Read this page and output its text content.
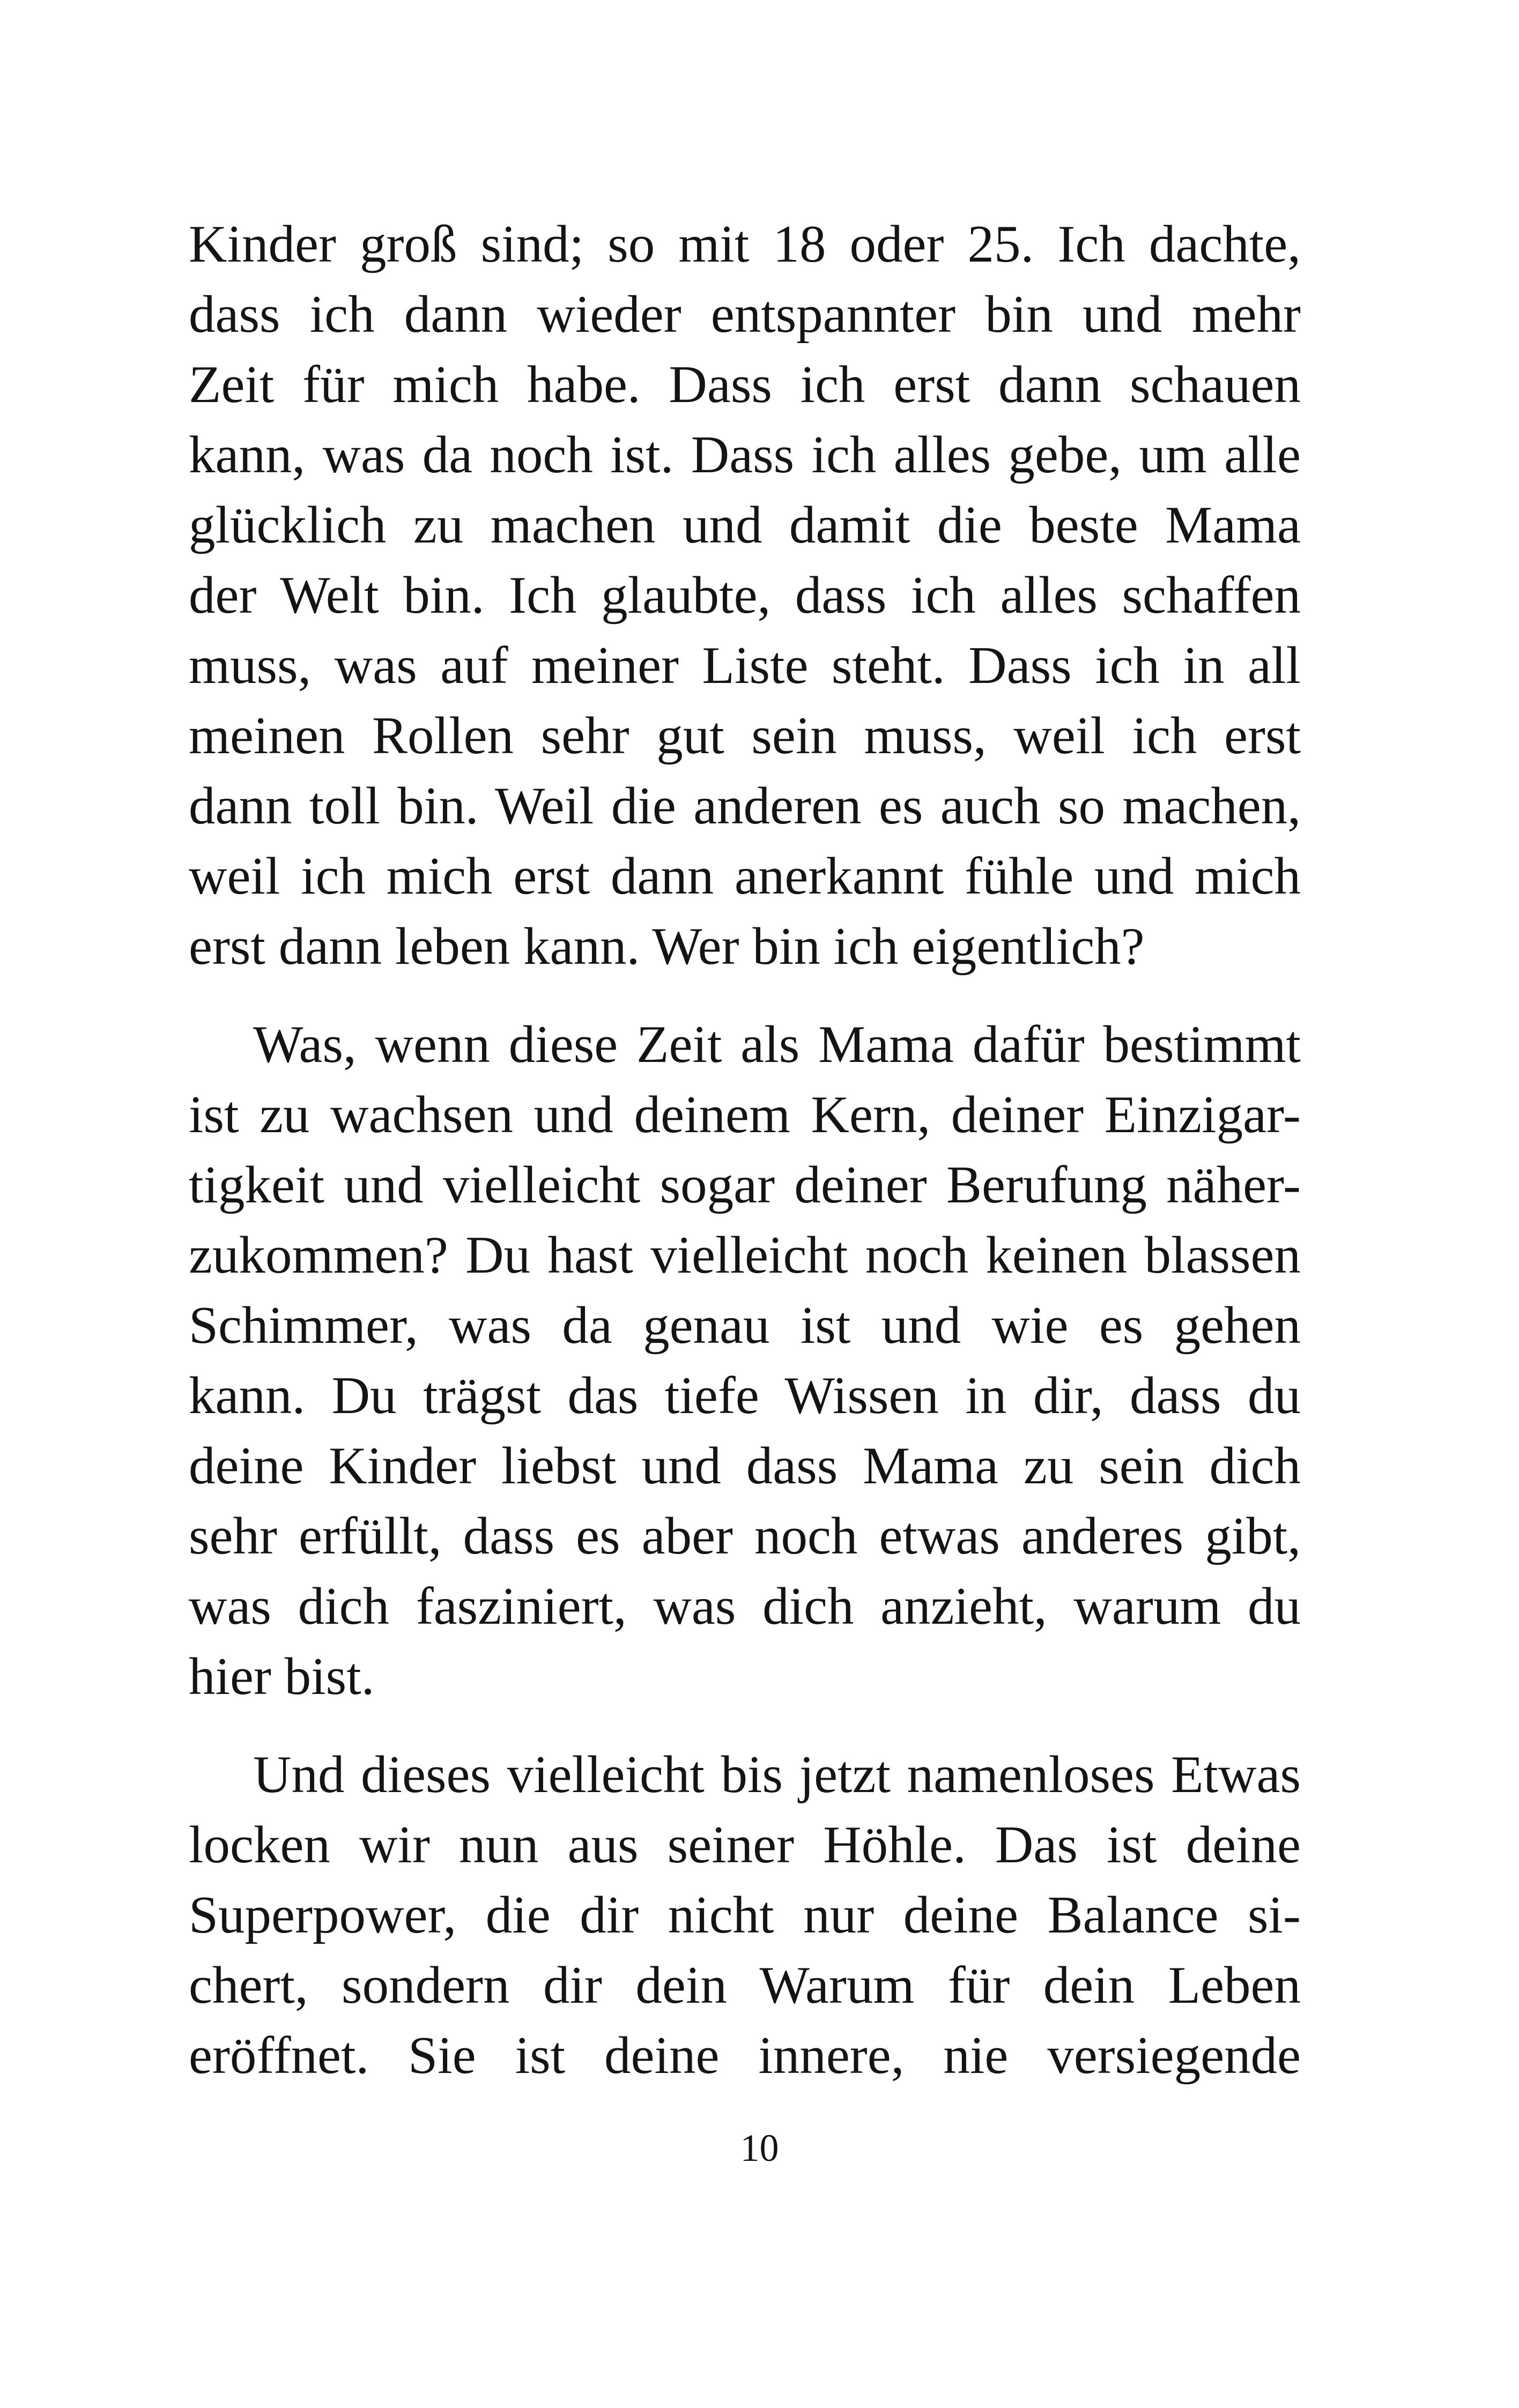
Kinder groß sind; so mit 18 oder 25. Ich dachte,
dass ich dann wieder entspannter bin und mehr
Zeit für mich habe. Dass ich erst dann schauen
kann, was da noch ist. Dass ich alles gebe, um alle
glücklich zu machen und damit die beste Mama
der Welt bin. Ich glaubte, dass ich alles schaffen
muss, was auf meiner Liste steht. Dass ich in all
meinen Rollen sehr gut sein muss, weil ich erst
dann toll bin. Weil die anderen es auch so machen,
weil ich mich erst dann anerkannt fühle und mich
erst dann leben kann. Wer bin ich eigentlich?

Was, wenn diese Zeit als Mama dafür bestimmt
ist zu wachsen und deinem Kern, deiner Einzigar-
tigkeit und vielleicht sogar deiner Berufung näher-
zukommen? Du hast vielleicht noch keinen blassen
Schimmer, was da genau ist und wie es gehen
kann. Du trägst das tiefe Wissen in dir, dass du
deine Kinder liebst und dass Mama zu sein dich
sehr erfüllt, dass es aber noch etwas anderes gibt,
was dich fasziniert, was dich anzieht, warum du
hier bist.

Und dieses vielleicht bis jetzt namenloses Etwas
locken wir nun aus seiner Höhle. Das ist deine
Superpower, die dir nicht nur deine Balance si-
chert, sondern dir dein Warum für dein Leben
eröffnet. Sie ist deine innere, nie versiegende

10
